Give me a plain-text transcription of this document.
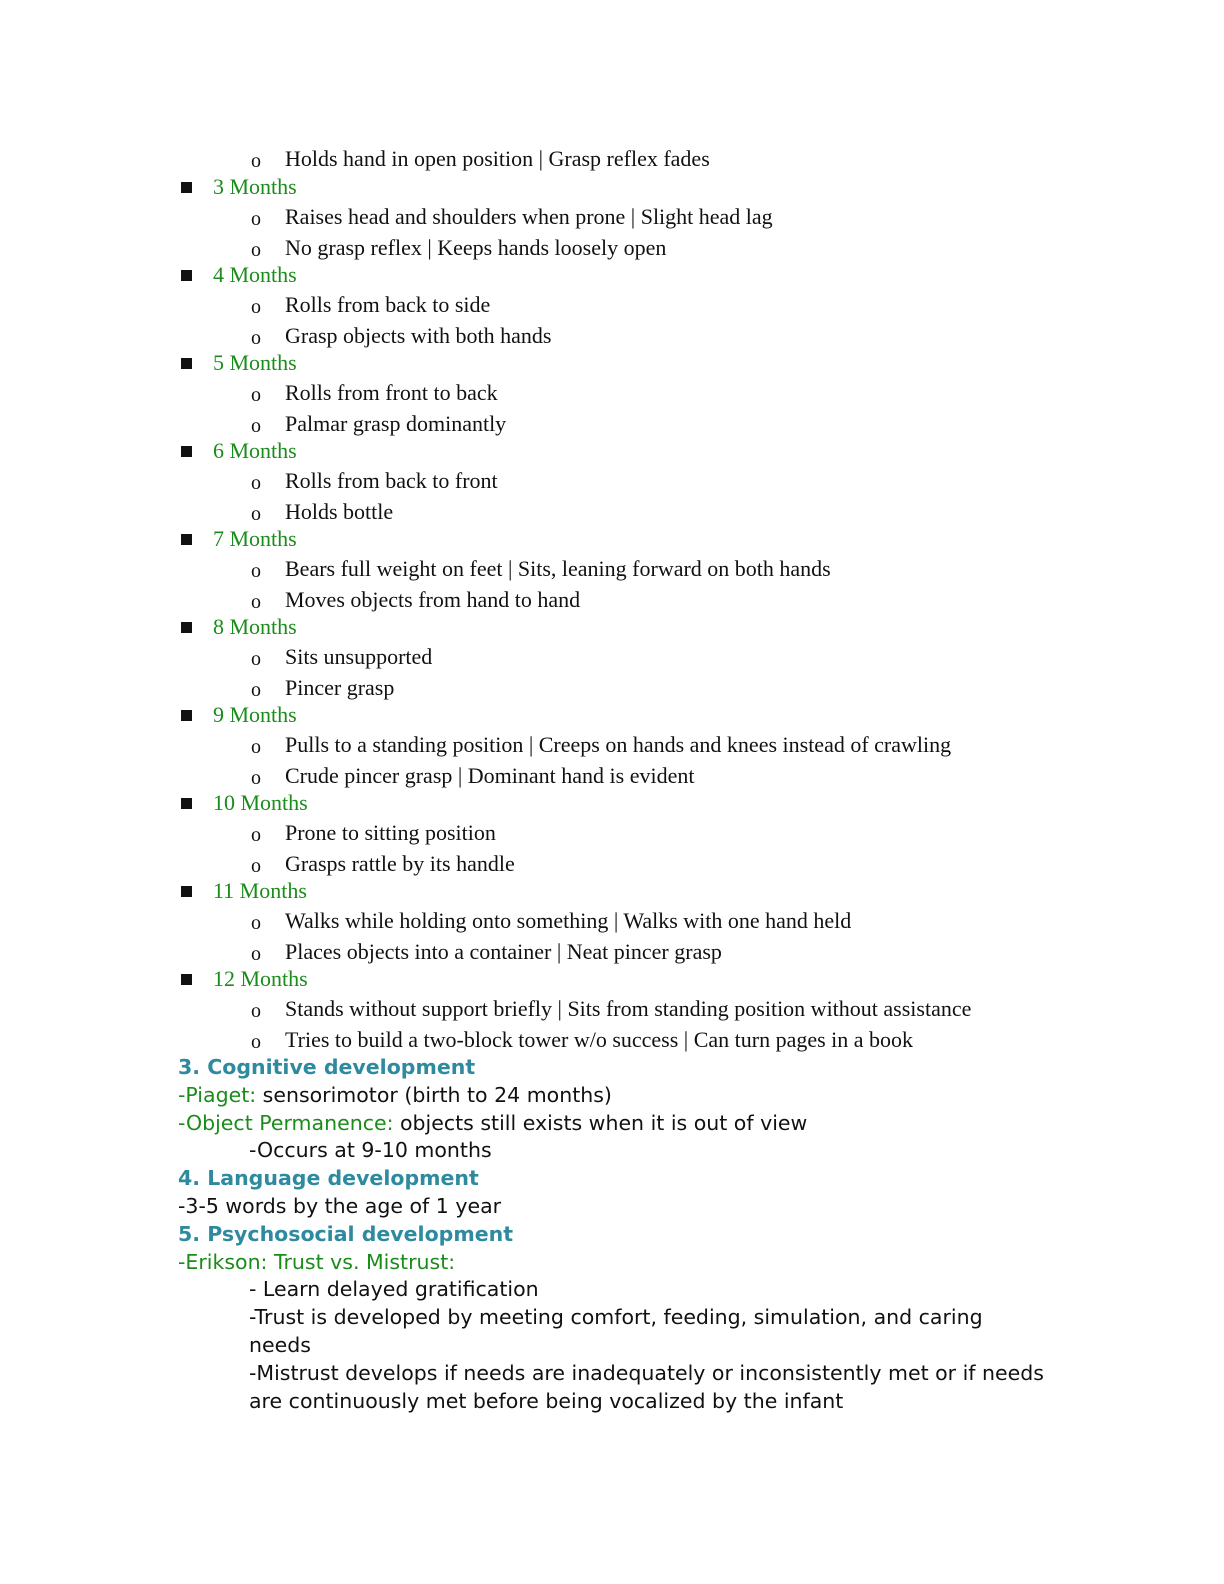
o Holds hand in open position | Grasp reflex fades
3 Months
o Raises head and shoulders when prone | Slight head lag
o No grasp reflex | Keeps hands loosely open
4 Months
o Rolls from back to side
o Grasp objects with both hands
5 Months
o Rolls from front to back
o Palmar grasp dominantly
6 Months
o Rolls from back to front
o Holds bottle
7 Months
o Bears full weight on feet | Sits, leaning forward on both hands
o Moves objects from hand to hand
8 Months
o Sits unsupported
o Pincer grasp
9 Months
o Pulls to a standing position | Creeps on hands and knees instead of crawling
o Crude pincer grasp | Dominant hand is evident
10 Months
o Prone to sitting position
o Grasps rattle by its handle
11 Months
o Walks while holding onto something | Walks with one hand held
o Places objects into a container | Neat pincer grasp
12 Months
o Stands without support briefly | Sits from standing position without assistance
o Tries to build a two-block tower w/o success | Can turn pages in a book
3. Cognitive development
-Piaget: sensorimotor (birth to 24 months)
-Object Permanence: objects still exists when it is out of view
-Occurs at 9-10 months
4. Language development
-3-5 words by the age of 1 year
5. Psychosocial development
-Erikson: Trust vs. Mistrust:
- Learn delayed gratification
-Trust is developed by meeting comfort, feeding, simulation, and caring
needs
-Mistrust develops if needs are inadequately or inconsistently met or if needs
are continuously met before being vocalized by the infant
